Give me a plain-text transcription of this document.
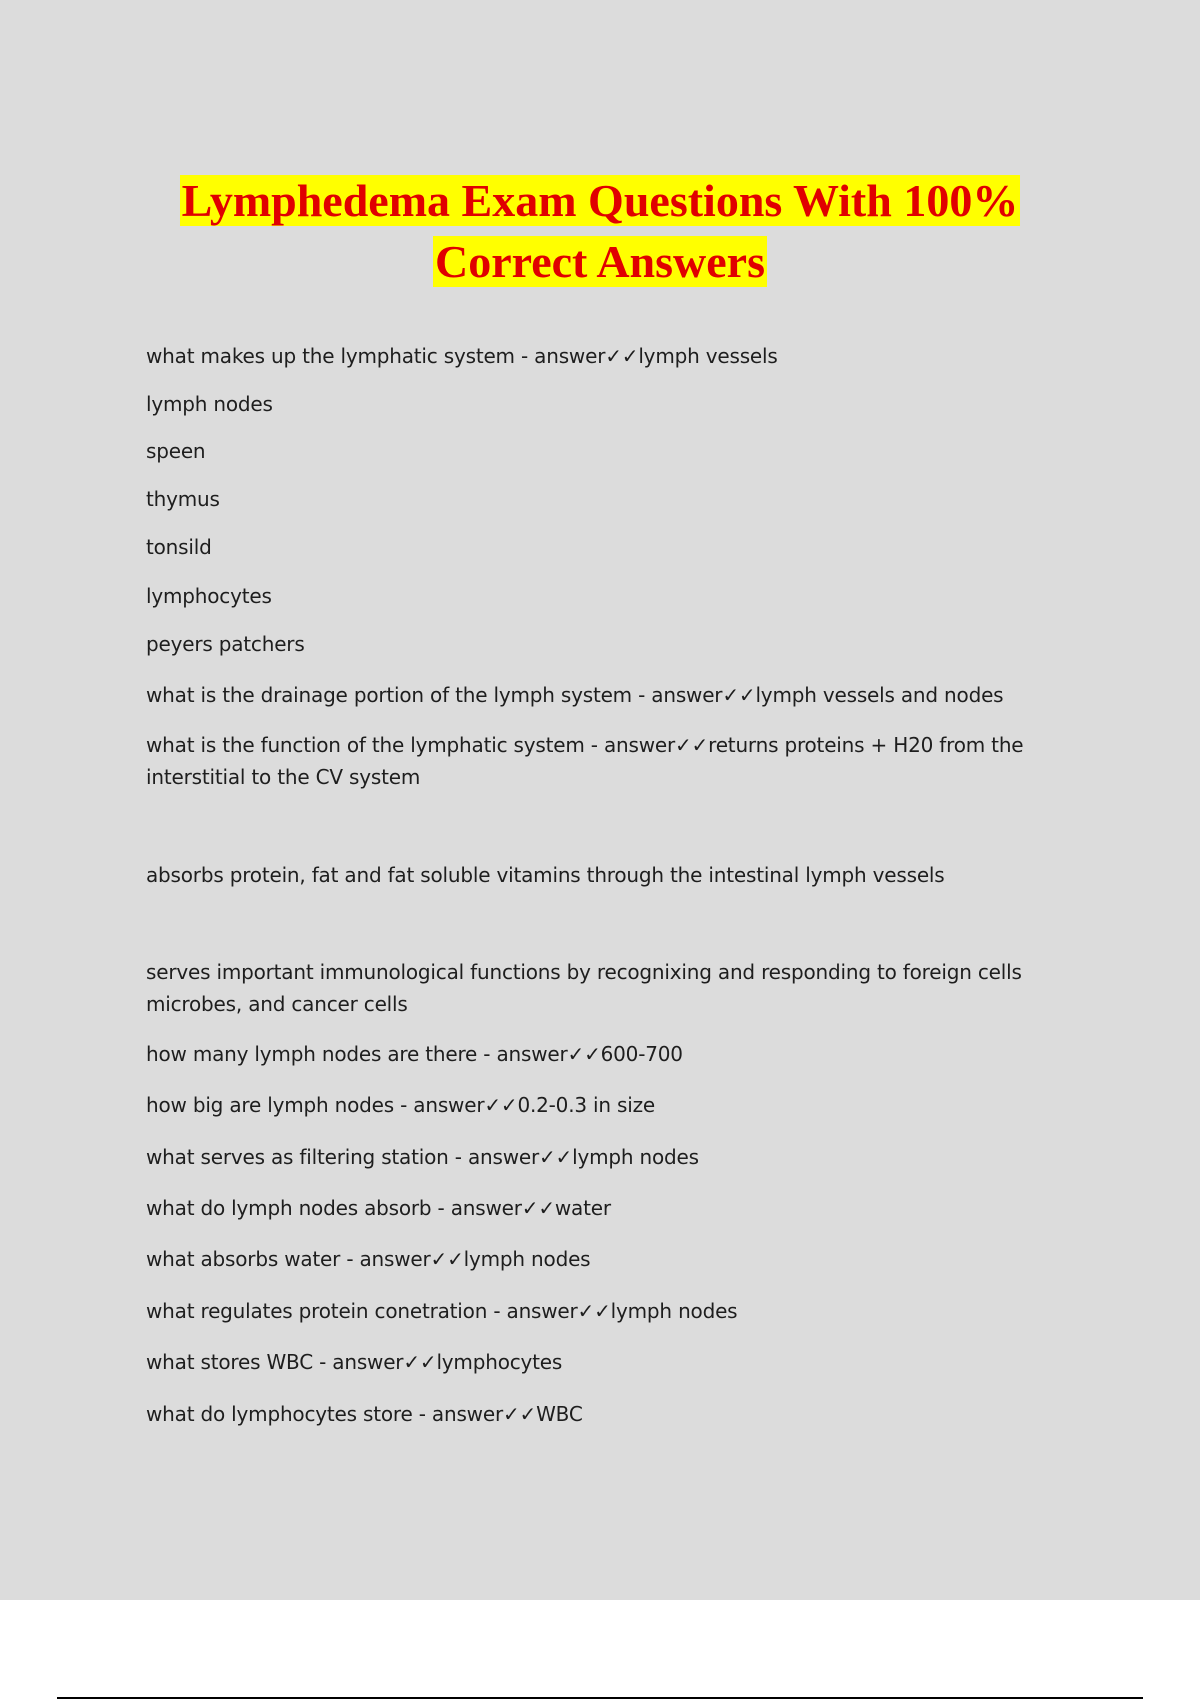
Lymphedema Exam Questions With 100%
Correct Answers

what makes up the lymphatic system - answer✓✓lymph vessels

lymph nodes

speen

thymus

tonsild

lymphocytes

peyers patchers

what is the drainage portion of the lymph system - answer✓✓lymph vessels and nodes

what is the function of the lymphatic system - answer✓✓returns proteins + H20 from the interstitial to the CV system

absorbs protein, fat and fat soluble vitamins through the intestinal lymph vessels

serves important immunological functions by recognixing and responding to foreign cells microbes, and cancer cells

how many lymph nodes are there - answer✓✓600-700

how big are lymph nodes - answer✓✓0.2-0.3 in size

what serves as filtering station - answer✓✓lymph nodes

what do lymph nodes absorb - answer✓✓water

what absorbs water - answer✓✓lymph nodes

what regulates protein conetration - answer✓✓lymph nodes

what stores WBC - answer✓✓lymphocytes

what do lymphocytes store - answer✓✓WBC
